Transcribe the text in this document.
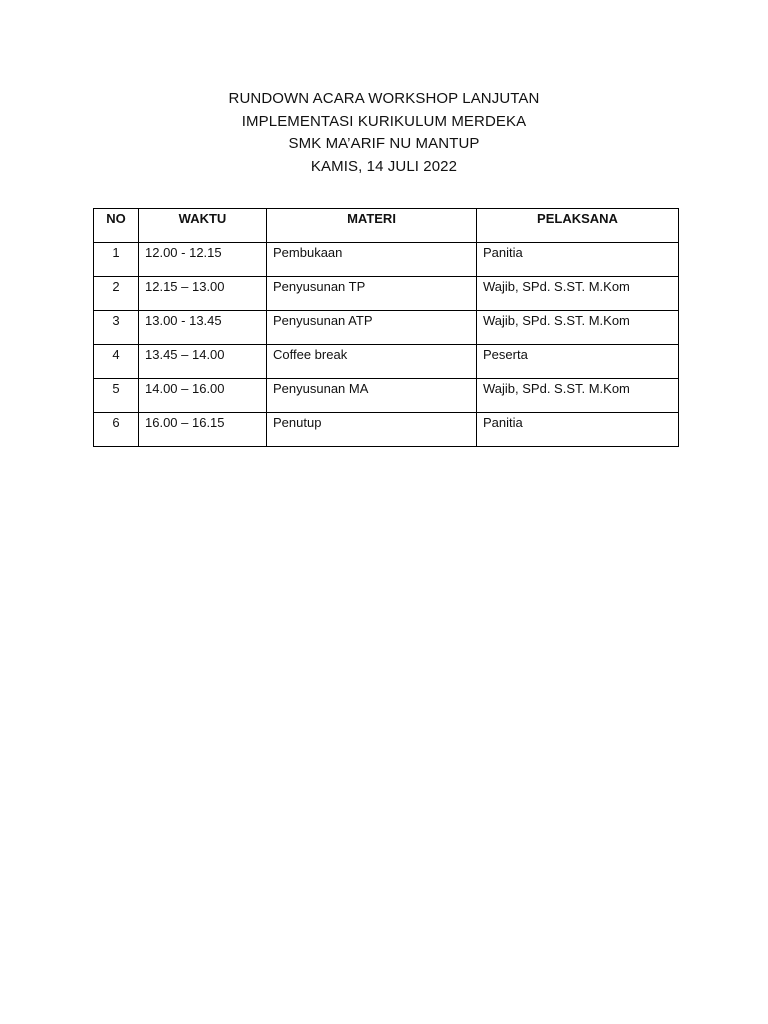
RUNDOWN ACARA WORKSHOP LANJUTAN
IMPLEMENTASI KURIKULUM MERDEKA
SMK MA’ARIF NU MANTUP
KAMIS, 14 JULI 2022
NO	WAKTU	MATERI	PELAKSANA
1	12.00 - 12.15	Pembukaan	Panitia
2	12.15 – 13.00	Penyusunan TP	Wajib, SPd. S.ST. M.Kom
3	13.00 - 13.45	Penyusunan ATP	Wajib, SPd. S.ST. M.Kom
4	13.45 – 14.00	Coffee break	Peserta
5	14.00 – 16.00	Penyusunan MA	Wajib, SPd. S.ST. M.Kom
6	16.00 – 16.15	Penutup	Panitia
